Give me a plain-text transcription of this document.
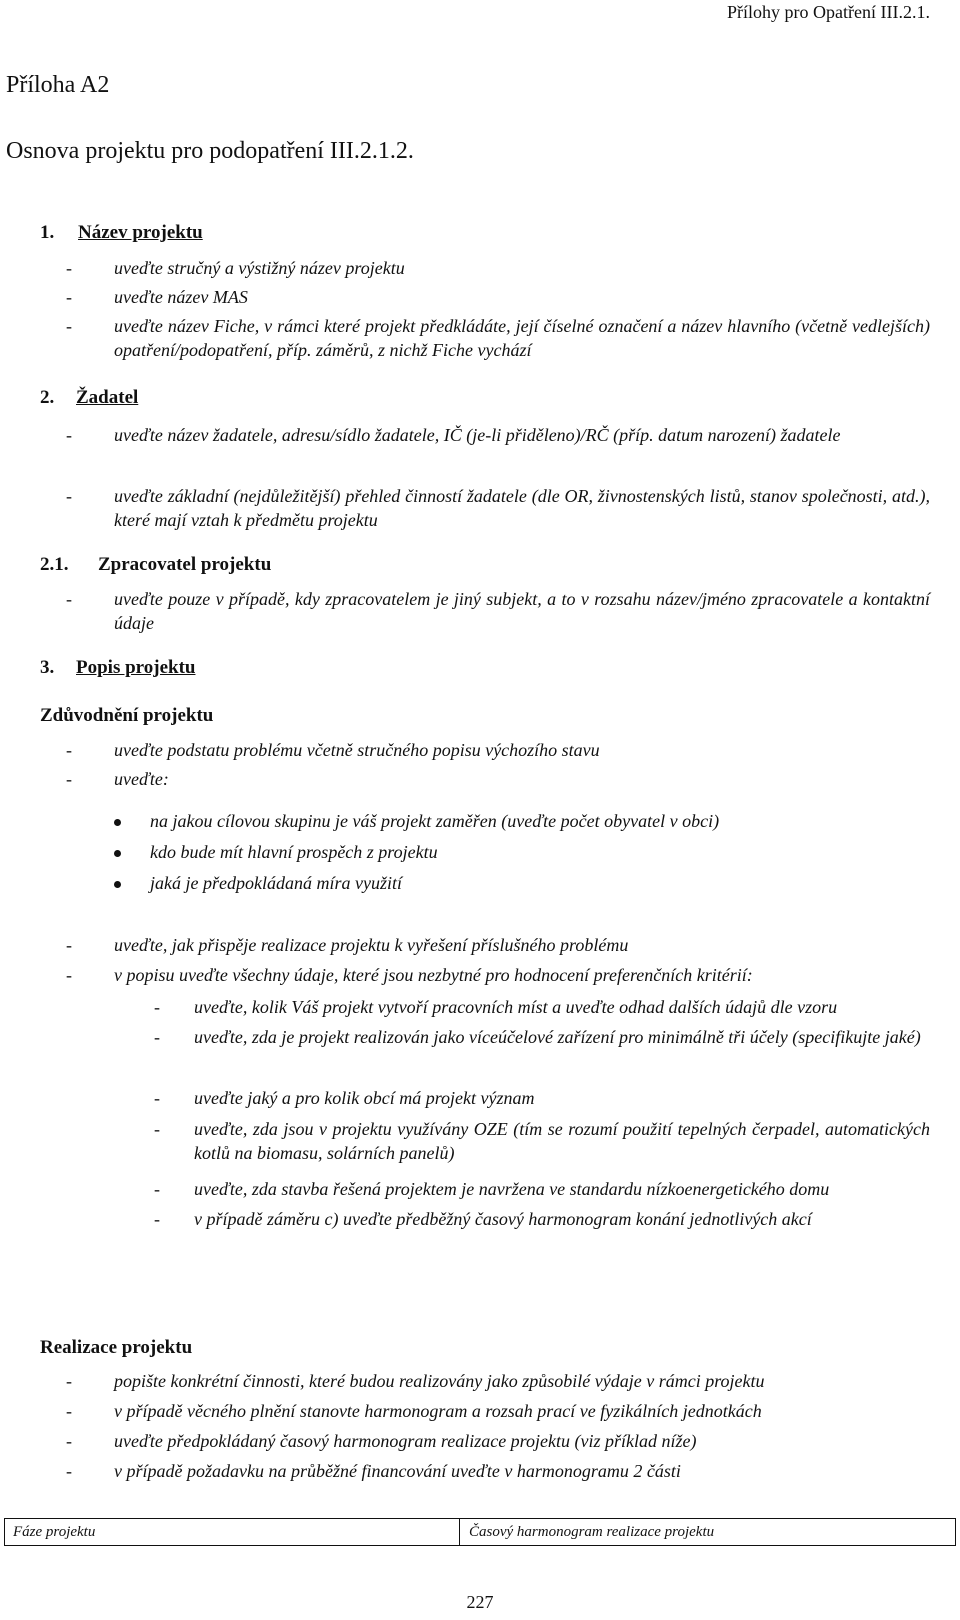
Přílohy pro Opatření III.2.1.
Příloha A2
Osnova projektu pro podopatření III.2.1.2.
1. Název projektu
- uveďte stručný a výstižný název projektu
- uveďte název MAS
- uveďte název Fiche, v rámci které projekt předkládáte, její číselné označení a název hlavního (včetně vedlejších) opatření/podopatření, příp. záměrů, z nichž Fiche vychází
2. Žadatel
- uveďte název žadatele, adresu/sídlo žadatele, IČ (je-li přiděleno)/RČ (příp. datum narození) žadatele
- uveďte základní (nejdůležitější) přehled činností žadatele (dle OR, živnostenských listů, stanov společnosti, atd.), které mají vztah k předmětu projektu
2.1. Zpracovatel projektu
- uveďte pouze v případě, kdy zpracovatelem je jiný subjekt, a to v rozsahu název/jméno zpracovatele a kontaktní údaje
3. Popis projektu
Zdůvodnění projektu
- uveďte podstatu problému včetně stručného popisu výchozího stavu
- uveďte:
na jakou cílovou skupinu je váš projekt zaměřen (uveďte počet obyvatel v obci)
kdo bude mít hlavní prospěch z projektu
jaká je předpokládaná míra využití
- uveďte, jak přispěje realizace projektu k vyřešení příslušného problému
- v popisu uveďte všechny údaje, které jsou nezbytné pro hodnocení preferenčních kritérií:
- uveďte, kolik Váš projekt vytvoří pracovních míst a uveďte odhad dalších údajů dle vzoru
- uveďte, zda je projekt realizován jako víceúčelové zařízení pro minimálně tři účely (specifikujte jaké)
- uveďte jaký a pro kolik obcí má projekt význam
- uveďte, zda jsou v projektu využívány OZE (tím se rozumí použití tepelných čerpadel, automatických kotlů na biomasu, solárních panelů)
- uveďte, zda stavba řešená projektem je navržena ve standardu nízkoenergetického domu
- v případě záměru c) uveďte předběžný časový harmonogram konání jednotlivých akcí
Realizace projektu
- popište konkrétní činnosti, které budou realizovány jako způsobilé výdaje v rámci projektu
- v případě věcného plnění stanovte harmonogram a rozsah prací ve fyzikálních jednotkách
- uveďte předpokládaný časový harmonogram realizace projektu (viz příklad níže)
- v případě požadavku na průběžné financování uveďte v harmonogramu 2 části
Fáze projektu	Časový harmonogram realizace projektu
227
